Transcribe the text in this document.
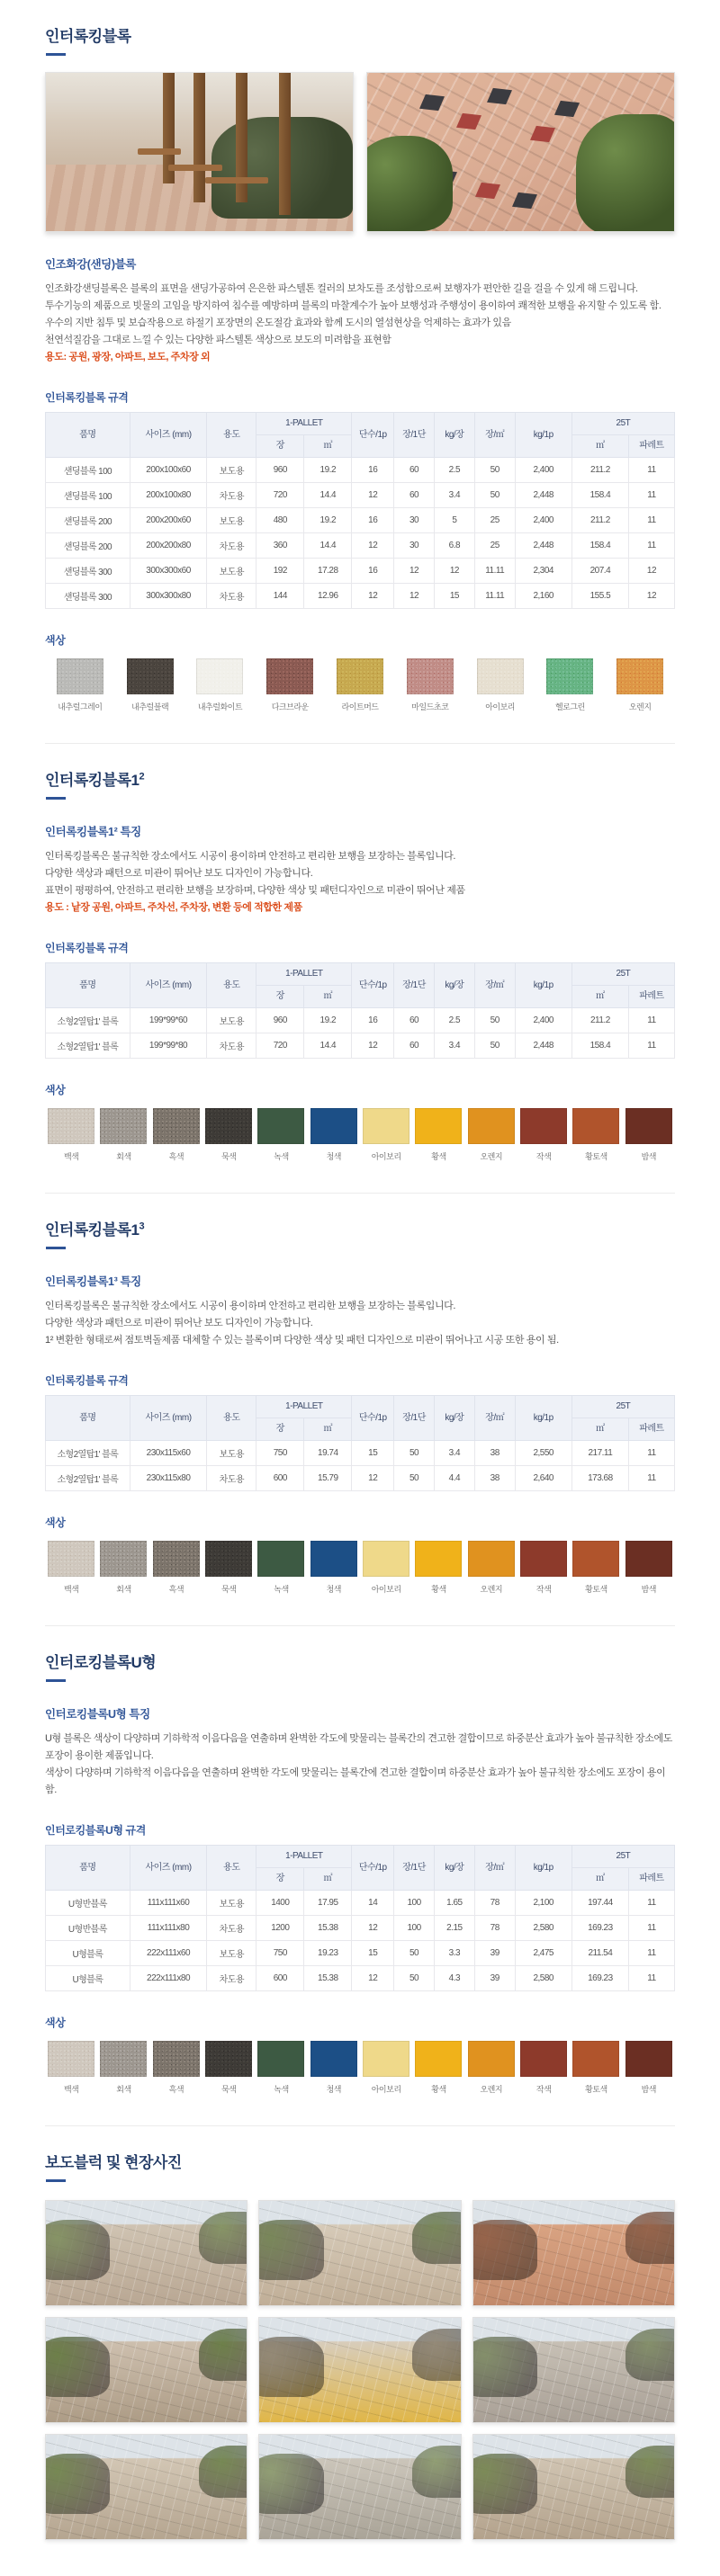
인터록킹블록
인조화강(샌딩)블록
인조화강샌딩블록은 블록의 표면을 샌딩가공하여 은은한 파스텔톤 컬러의 보차도를 조성함으로써 보행자가 편안한 길을 걸을 수 있게 해 드립니다.
투수기능의 제품으로 빗물의 고임을 방지하여 침수를 예방하며 블록의 마찰계수가 높아 보행성과 주행성이 용이하여 쾌적한 보행을 유지할 수 있도록 함.
우수의 지반 침투 및 보습작용으로 하절기 포장면의 온도절감 효과와 함께 도시의 열섬현상을 억제하는 효과가 있음
천연석질감을 그대로 느낄 수 있는 다양한 파스텔톤 색상으로 보도의 미려함을 표현함
용도: 공원, 광장, 아파트, 보도, 주차장 외
인터록킹블록 규격
품명	사이즈 (mm)	용도	1-PALLET		단수/1p	장/1단	kg/장	장/㎡	kg/1p	25T	
			장	㎡						㎡	파레트
샌딩블록 100	200x100x60	보도용	960	19.2	16	60	2.5	50	2,400	211.2	11
샌딩블록 100	200x100x80	차도용	720	14.4	12	60	3.4	50	2,448	158.4	11
샌딩블록 200	200x200x60	보도용	480	19.2	16	30	5	25	2,400	211.2	11
샌딩블록 200	200x200x80	차도용	360	14.4	12	30	6.8	25	2,448	158.4	11
샌딩블록 300	300x300x60	보도용	192	17.28	16	12	12	11.11	2,304	207.4	12
샌딩블록 300	300x300x80	차도용	144	12.96	12	12	15	11.11	2,160	155.5	12
색상
내추럴그레이	내추럴블랙	내추럴화이트	다크브라운	라이트머드	마일드초코	아이보리	헬로그린	오렌지
인터록킹블록$1^2$
인터록킹블록1² 특징
인터록킹블록은 불규칙한 장소에서도 시공이 용이하며 안전하고 편리한 보행을 보장하는 블록입니다.
다양한 색상과 패턴으로 미관이 뛰어난 보도 디자인이 가능합니다.
표면이 평평하여, 안전하고 편리한 보행을 보장하며, 다양한 색상 및 패턴디자인으로 미관이 뛰어난 제품
용도 : 낱장 공원, 아파트, 주차선, 주차장, 변환 등에 적합한 제품
인터록킹블록 규격
품명	사이즈 (mm)	용도	1-PALLET		단수/1p	장/1단	kg/장	장/㎡	kg/1p	25T	
			장	㎡						㎡	파레트
소형2열탑1' 블록	199*99*60	보도용	960	19.2	16	60	2.5	50	2,400	211.2	11
소형2열탑1' 블록	199*99*80	차도용	720	14.4	12	60	3.4	50	2,448	158.4	11
색상
백색	회색	흑색	묵색	녹색	청색	아이보리	황색	오렌지	작색	황토색	밤색
인터록킹블록$1^3$
인터록킹블록1³ 특징
인터록킹블록은 불규칙한 장소에서도 시공이 용이하며 안전하고 편리한 보행을 보장하는 블록입니다.
다양한 색상과 패턴으로 미관이 뛰어난 보도 디자인이 가능합니다.
1² 변환한 형태로써 점토벽돌제품 대체할 수 있는 블록이며 다양한 색상 및 패턴 디자인으로 미관이 뛰어나고 시공 또한 용이 됨.
인터록킹블록 규격
품명	사이즈 (mm)	용도	1-PALLET		단수/1p	장/1단	kg/장	장/㎡	kg/1p	25T	
			장	㎡						㎡	파레트
소형2열탑1' 블록	230x115x60	보도용	750	19.74	15	50	3.4	38	2,550	217.11	11
소형2열탑1' 블록	230x115x80	차도용	600	15.79	12	50	4.4	38	2,640	173.68	11
색상
백색	회색	흑색	묵색	녹색	청색	아이보리	황색	오렌지	작색	황토색	밤색
인터로킹블록U형
인터로킹블록U형 특징
U형 블록은 색상이 다양하며 기하학적 이음다음을 연출하며 완벽한 각도에 맞물리는 블록간의 견고한 결합이므로 하중분산 효과가 높아 불규칙한 장소에도 포장이 용이한 제품입니다.
색상이 다양하며 기하학적 이음다음을 연출하며 완벽한 각도에 맞물리는 블록간에 견고한 결합이며 하중분산 효과가 높아 불규칙한 장소에도 포장이 용이함.
인터로킹블록U형 규격
품명	사이즈 (mm)	용도	1-PALLET		단수/1p	장/1단	kg/장	장/㎡	kg/1p	25T	
			장	㎡						㎡	파레트
U형반블록	111x111x60	보도용	1400	17.95	14	100	1.65	78	2,100	197.44	11
U형반블록	111x111x80	차도용	1200	15.38	12	100	2.15	78	2,580	169.23	11
U형블록	222x111x60	보도용	750	19.23	15	50	3.3	39	2,475	211.54	11
U형블록	222x111x80	차도용	600	15.38	12	50	4.3	39	2,580	169.23	11
색상
백색	회색	흑색	묵색	녹색	청색	아이보리	황색	오렌지	작색	황토색	밤색
보도블럭 및 현장사진
